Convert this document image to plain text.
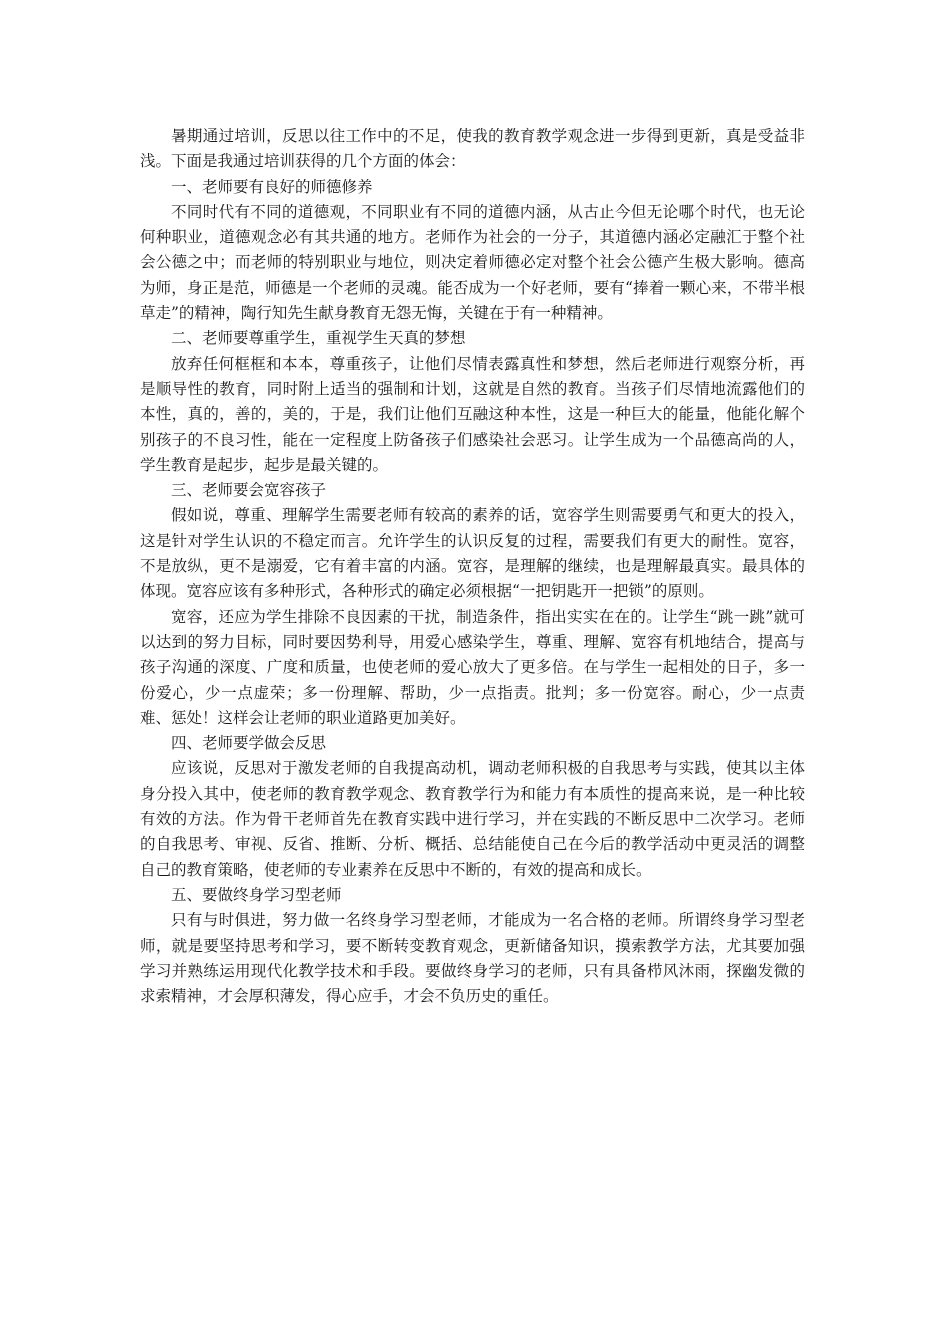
暑期通过培训，反思以往工作中的不足，使我的教育教学观念进一步得到更新，真是受益非浅。下面是我通过培训获得的几个方面的体会：

一、老师要有良好的师德修养

不同时代有不同的道德观，不同职业有不同的道德内涵，从古止今但无论哪个时代，也无论何种职业，道德观念必有其共通的地方。老师作为社会的一分子，其道德内涵必定融汇于整个社会公德之中；而老师的特别职业与地位，则决定着师德必定对整个社会公德产生极大影响。德高为师，身正是范，师德是一个老师的灵魂。能否成为一个好老师，要有“捧着一颗心来，不带半根草走”的精神，陶行知先生献身教育无怨无悔，关键在于有一种精神。

二、老师要尊重学生，重视学生天真的梦想

放弃任何框框和本本，尊重孩子，让他们尽情表露真性和梦想，然后老师进行观察分析，再是顺导性的教育，同时附上适当的强制和计划，这就是自然的教育。当孩子们尽情地流露他们的本性，真的，善的，美的，于是，我们让他们互融这种本性，这是一种巨大的能量，他能化解个别孩子的不良习性，能在一定程度上防备孩子们感染社会恶习。让学生成为一个品德高尚的人，学生教育是起步，起步是最关键的。

三、老师要会宽容孩子

假如说，尊重、理解学生需要老师有较高的素养的话，宽容学生则需要勇气和更大的投入，这是针对学生认识的不稳定而言。允许学生的认识反复的过程，需要我们有更大的耐性。宽容，不是放纵，更不是溺爱，它有着丰富的内涵。宽容，是理解的继续，也是理解最真实。最具体的体现。宽容应该有多种形式，各种形式的确定必须根据“一把钥匙开一把锁”的原则。

宽容，还应为学生排除不良因素的干扰，制造条件，指出实实在在的。让学生“跳一跳”就可以达到的努力目标，同时要因势利导，用爱心感染学生，尊重、理解、宽容有机地结合，提高与孩子沟通的深度、广度和质量，也使老师的爱心放大了更多倍。在与学生一起相处的日子，多一份爱心，少一点虚荣；多一份理解、帮助，少一点指责。批判；多一份宽容。耐心，少一点责难、惩处！这样会让老师的职业道路更加美好。

四、老师要学做会反思

应该说，反思对于激发老师的自我提高动机，调动老师积极的自我思考与实践，使其以主体身分投入其中，使老师的教育教学观念、教育教学行为和能力有本质性的提高来说，是一种比较有效的方法。作为骨干老师首先在教育实践中进行学习，并在实践的不断反思中二次学习。老师的自我思考、审视、反省、推断、分析、概括、总结能使自己在今后的教学活动中更灵活的调整自己的教育策略，使老师的专业素养在反思中不断的，有效的提高和成长。

五、要做终身学习型老师

只有与时俱进，努力做一名终身学习型老师，才能成为一名合格的老师。所谓终身学习型老师，就是要坚持思考和学习，要不断转变教育观念，更新储备知识，摸索教学方法，尤其要加强学习并熟练运用现代化教学技术和手段。要做终身学习的老师，只有具备栉风沐雨，探幽发微的求索精神，才会厚积薄发，得心应手，才会不负历史的重任。
